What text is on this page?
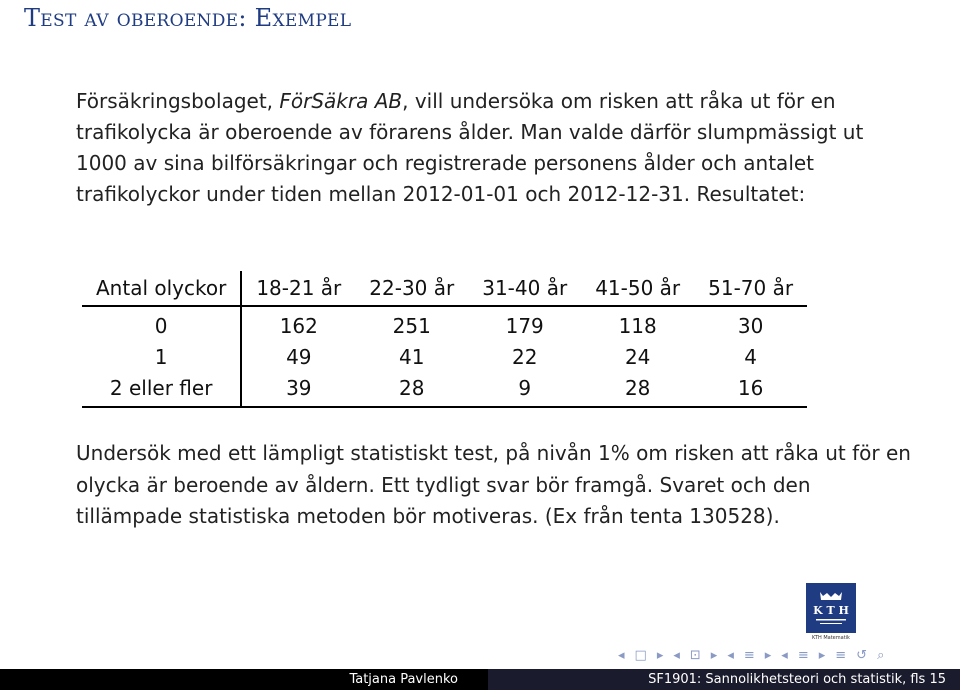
Test av oberoende: Exempel
Försäkringsbolaget, FörSäkra AB, vill undersöka om risken att råka ut för en trafikolycka är oberoende av förarens ålder. Man valde därför slumpmässigt ut 1000 av sina bilförsäkringar och registrerade personens ålder och antalet trafikolyckor under tiden mellan 2012-01-01 och 2012-12-31. Resultatet:
Antal olyckor	18-21 år	22-30 år	31-40 år	41-50 år	51-70 år
0	162	251	179	118	30
1	49	41	22	24	4
2 eller fler	39	28	9	28	16
Undersök med ett lämpligt statistiskt test, på nivån 1% om risken att råka ut för en olycka är beroende av åldern. Ett tydligt svar bör framgå. Svaret och den tillämpade statistiska metoden bör motiveras. (Ex från tenta 130528).
K T H
KTH Matematik
◂ □ ▸ ◂ ⊡ ▸ ◂ ≡ ▸ ◂ ≡ ▸ ≡ ↺ ⌕
Tatjana Pavlenko	SF1901: Sannolikhetsteori och statistik, fls 15
